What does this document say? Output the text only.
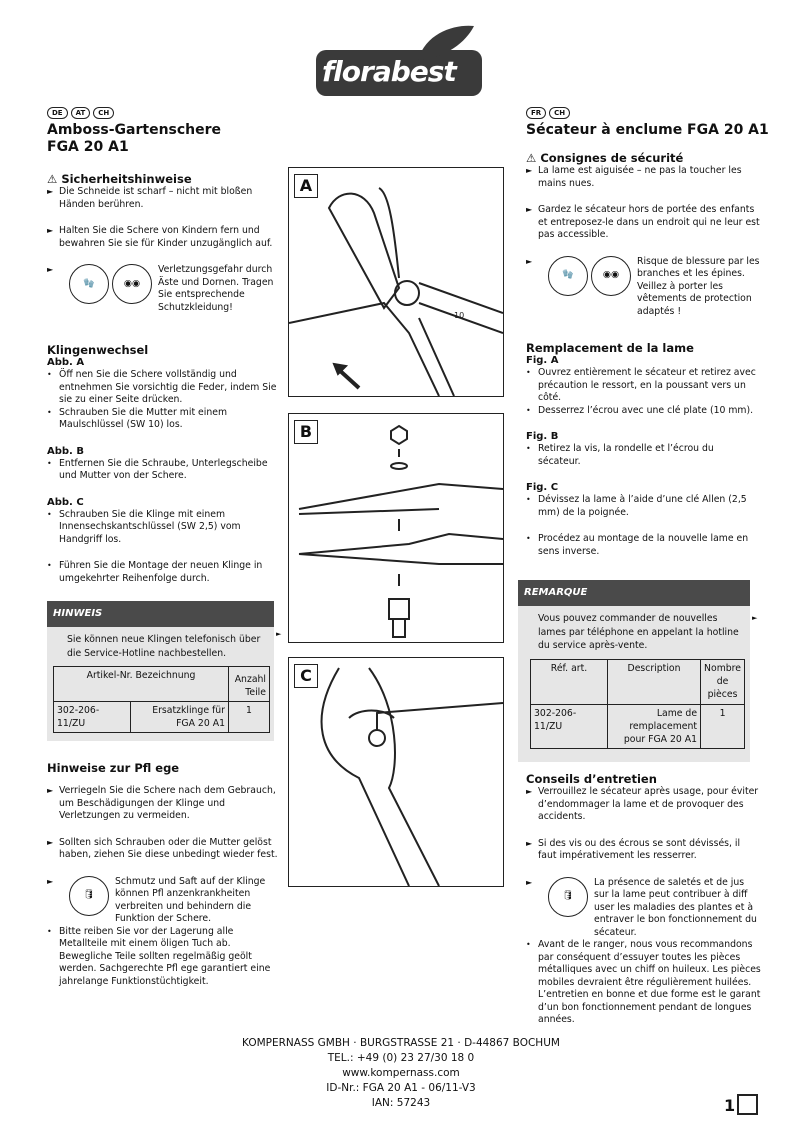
florabest
DE AT CH
Amboss-Gartenschere
FGA 20 A1
⚠ Sicherheitshinweise
► Die Schneide ist scharf – nicht mit bloßen Händen berühren.
► Halten Sie die Schere von Kindern fern und bewahren Sie sie für Kinder unzugänglich auf.
►
🧤	◉◉
Verletzungsgefahr durch Äste und Dornen. Tragen Sie entsprechende Schutzkleidung!
Klingenwechsel
Abb. A
• Öff nen Sie die Schere vollständig und entnehmen Sie vorsichtig die Feder, indem Sie sie zu einer Seite drücken.
• Schrauben Sie die Mutter mit einem Maulschlüssel (SW 10) los.
Abb. B
• Entfernen Sie die Schraube, Unterlegscheibe und Mutter von der Schere.
Abb. C
• Schrauben Sie die Klinge mit einem Innensechskantschlüssel (SW 2,5) vom Handgriff los.
• Führen Sie die Montage der neuen Klinge in umgekehrter Reihenfolge durch.
HINWEIS
Sie können neue Klingen telefonisch über die Service-Hotline nachbestellen.
Artikel-Nr. Bezeichnung		Anzahl Teile
302-206-11/ZU	Ersatzklinge für FGA 20 A1	1
►
Hinweise zur Pfl ege
► Verriegeln Sie die Schere nach dem Gebrauch, um Beschädigungen der Klinge und Verletzungen zu vermeiden.
► Sollten sich Schrauben oder die Mutter gelöst haben, ziehen Sie diese unbedingt wieder fest.
►
🛢
Schmutz und Saft auf der Klinge können Pfl anzenkrankheiten verbreiten und behindern die Funktion der Schere.
• Bitte reiben Sie vor der Lagerung alle Metallteile mit einem öligen Tuch ab. Bewegliche Teile sollten regelmäßig geölt werden. Sachgerechte Pfl ege garantiert eine jahrelange Funktionstüchtigkeit.
A
10
B
C
FR CH
Sécateur à enclume FGA 20 A1
⚠ Consignes de sécurité
► La lame est aiguisée – ne pas la toucher les mains nues.
► Gardez le sécateur hors de portée des enfants et entreposez-le dans un endroit qui ne leur est pas accessible.
►
🧤	◉◉
Risque de blessure par les branches et les épines. Veillez à porter les vêtements de protection adaptés !
Remplacement de la lame
Fig. A
• Ouvrez entièrement le sécateur et retirez avec précaution le ressort, en la poussant vers un côté.
• Desserrez l’écrou avec une clé plate (10 mm).
Fig. B
• Retirez la vis, la rondelle et l’écrou du sécateur.
Fig. C
• Dévissez la lame à l’aide d’une clé Allen (2,5 mm) de la poignée.
• Procédez au montage de la nouvelle lame en sens inverse.
REMARQUE
Vous pouvez commander de nouvelles lames par téléphone en appelant la hotline du service après-vente.
Réf. art.	Description	Nombre de pièces
302-206-11/ZU	Lame de remplacement pour FGA 20 A1	1
►
Conseils d’entretien
► Verrouillez le sécateur après usage, pour éviter d’endommager la lame et de provoquer des accidents.
► Si des vis ou des écrous se sont dévissés, il faut impérativement les resserrer.
►
🛢
La présence de saletés et de jus sur la lame peut contribuer à diff user les maladies des plantes et à entraver le bon fonctionnement du sécateur.
• Avant de le ranger, nous vous recommandons par conséquent d’essuyer toutes les pièces métalliques avec un chiff on huileux. Les pièces mobiles devraient être régulièrement huilées. L’entretien en bonne et due forme est le garant d’un bon fonctionnement pendant de longues années.
KOMPERNASS GMBH · BURGSTRASSE 21 · D-44867 BOCHUM
TEL.: +49 (0) 23 27/30 18 0
www.kompernass.com
ID-Nr.: FGA 20 A1 - 06/11-V3
IAN: 57243	1
